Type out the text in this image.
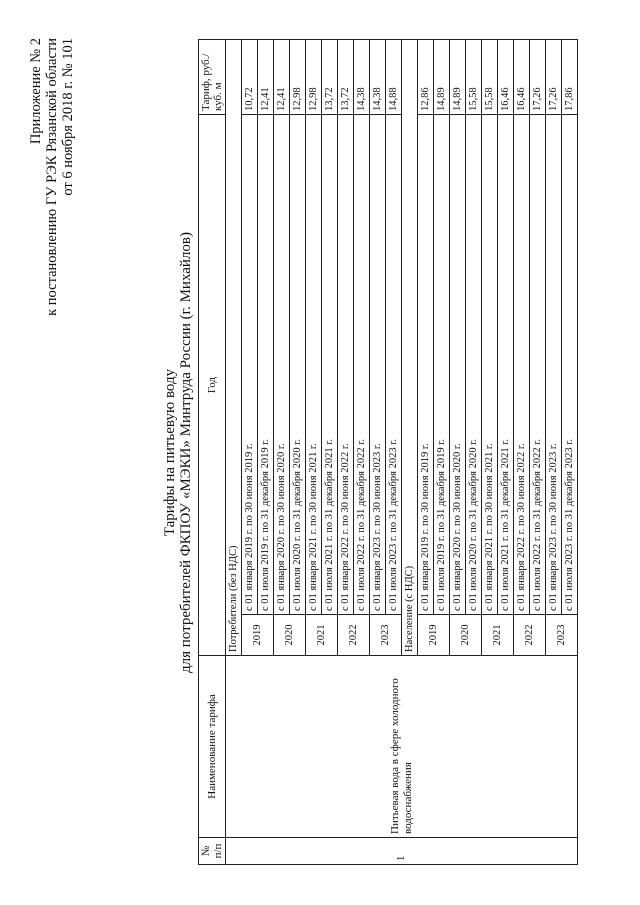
Приложение № 2 к постановлению ГУ РЭК Рязанской области от 6 ноября 2018 г. № 101
Тарифы на питьевую воду для потребителей ФКПОУ «МЭКИ» Минтруда России (г. Михайлов)
№ п/п	Наименование тарифа	Год		Тариф, руб./куб. м
1	Питьевая вода в сфере холодного водоснабжения	Потребители (без НДС)		
		2019	с 01 января 2019 г. по 30 июня 2019 г.	10,72
			с 01 июля 2019 г. по 31 декабря 2019 г.	12,41
		2020	с 01 января 2020 г. по 30 июня 2020 г.	12,41
			с 01 июля 2020 г. по 31 декабря 2020 г.	12,98
		2021	с 01 января 2021 г. по 30 июня 2021 г.	12,98
			с 01 июля 2021 г. по 31 декабря 2021 г.	13,72
		2022	с 01 января 2022 г. по 30 июня 2022 г.	13,72
			с 01 июля 2022 г. по 31 декабря 2022 г.	14,38
		2023	с 01 января 2023 г. по 30 июня 2023 г.	14,38
			с 01 июля 2023 г. по 31 декабря 2023 г.	14,88
		Население (с НДС)		
		2019	с 01 января 2019 г. по 30 июня 2019 г.	12,86
			с 01 июля 2019 г. по 31 декабря 2019 г.	14,89
		2020	с 01 января 2020 г. по 30 июня 2020 г.	14,89
			с 01 июля 2020 г. по 31 декабря 2020 г.	15,58
		2021	с 01 января 2021 г. по 30 июня 2021 г.	15,58
			с 01 июля 2021 г. по 31 декабря 2021 г.	16,46
		2022	с 01 января 2022 г. по 30 июня 2022 г.	16,46
			с 01 июля 2022 г. по 31 декабря 2022 г.	17,26
		2023	с 01 января 2023 г. по 30 июня 2023 г.	17,26
			с 01 июля 2023 г. по 31 декабря 2023 г.	17,86
